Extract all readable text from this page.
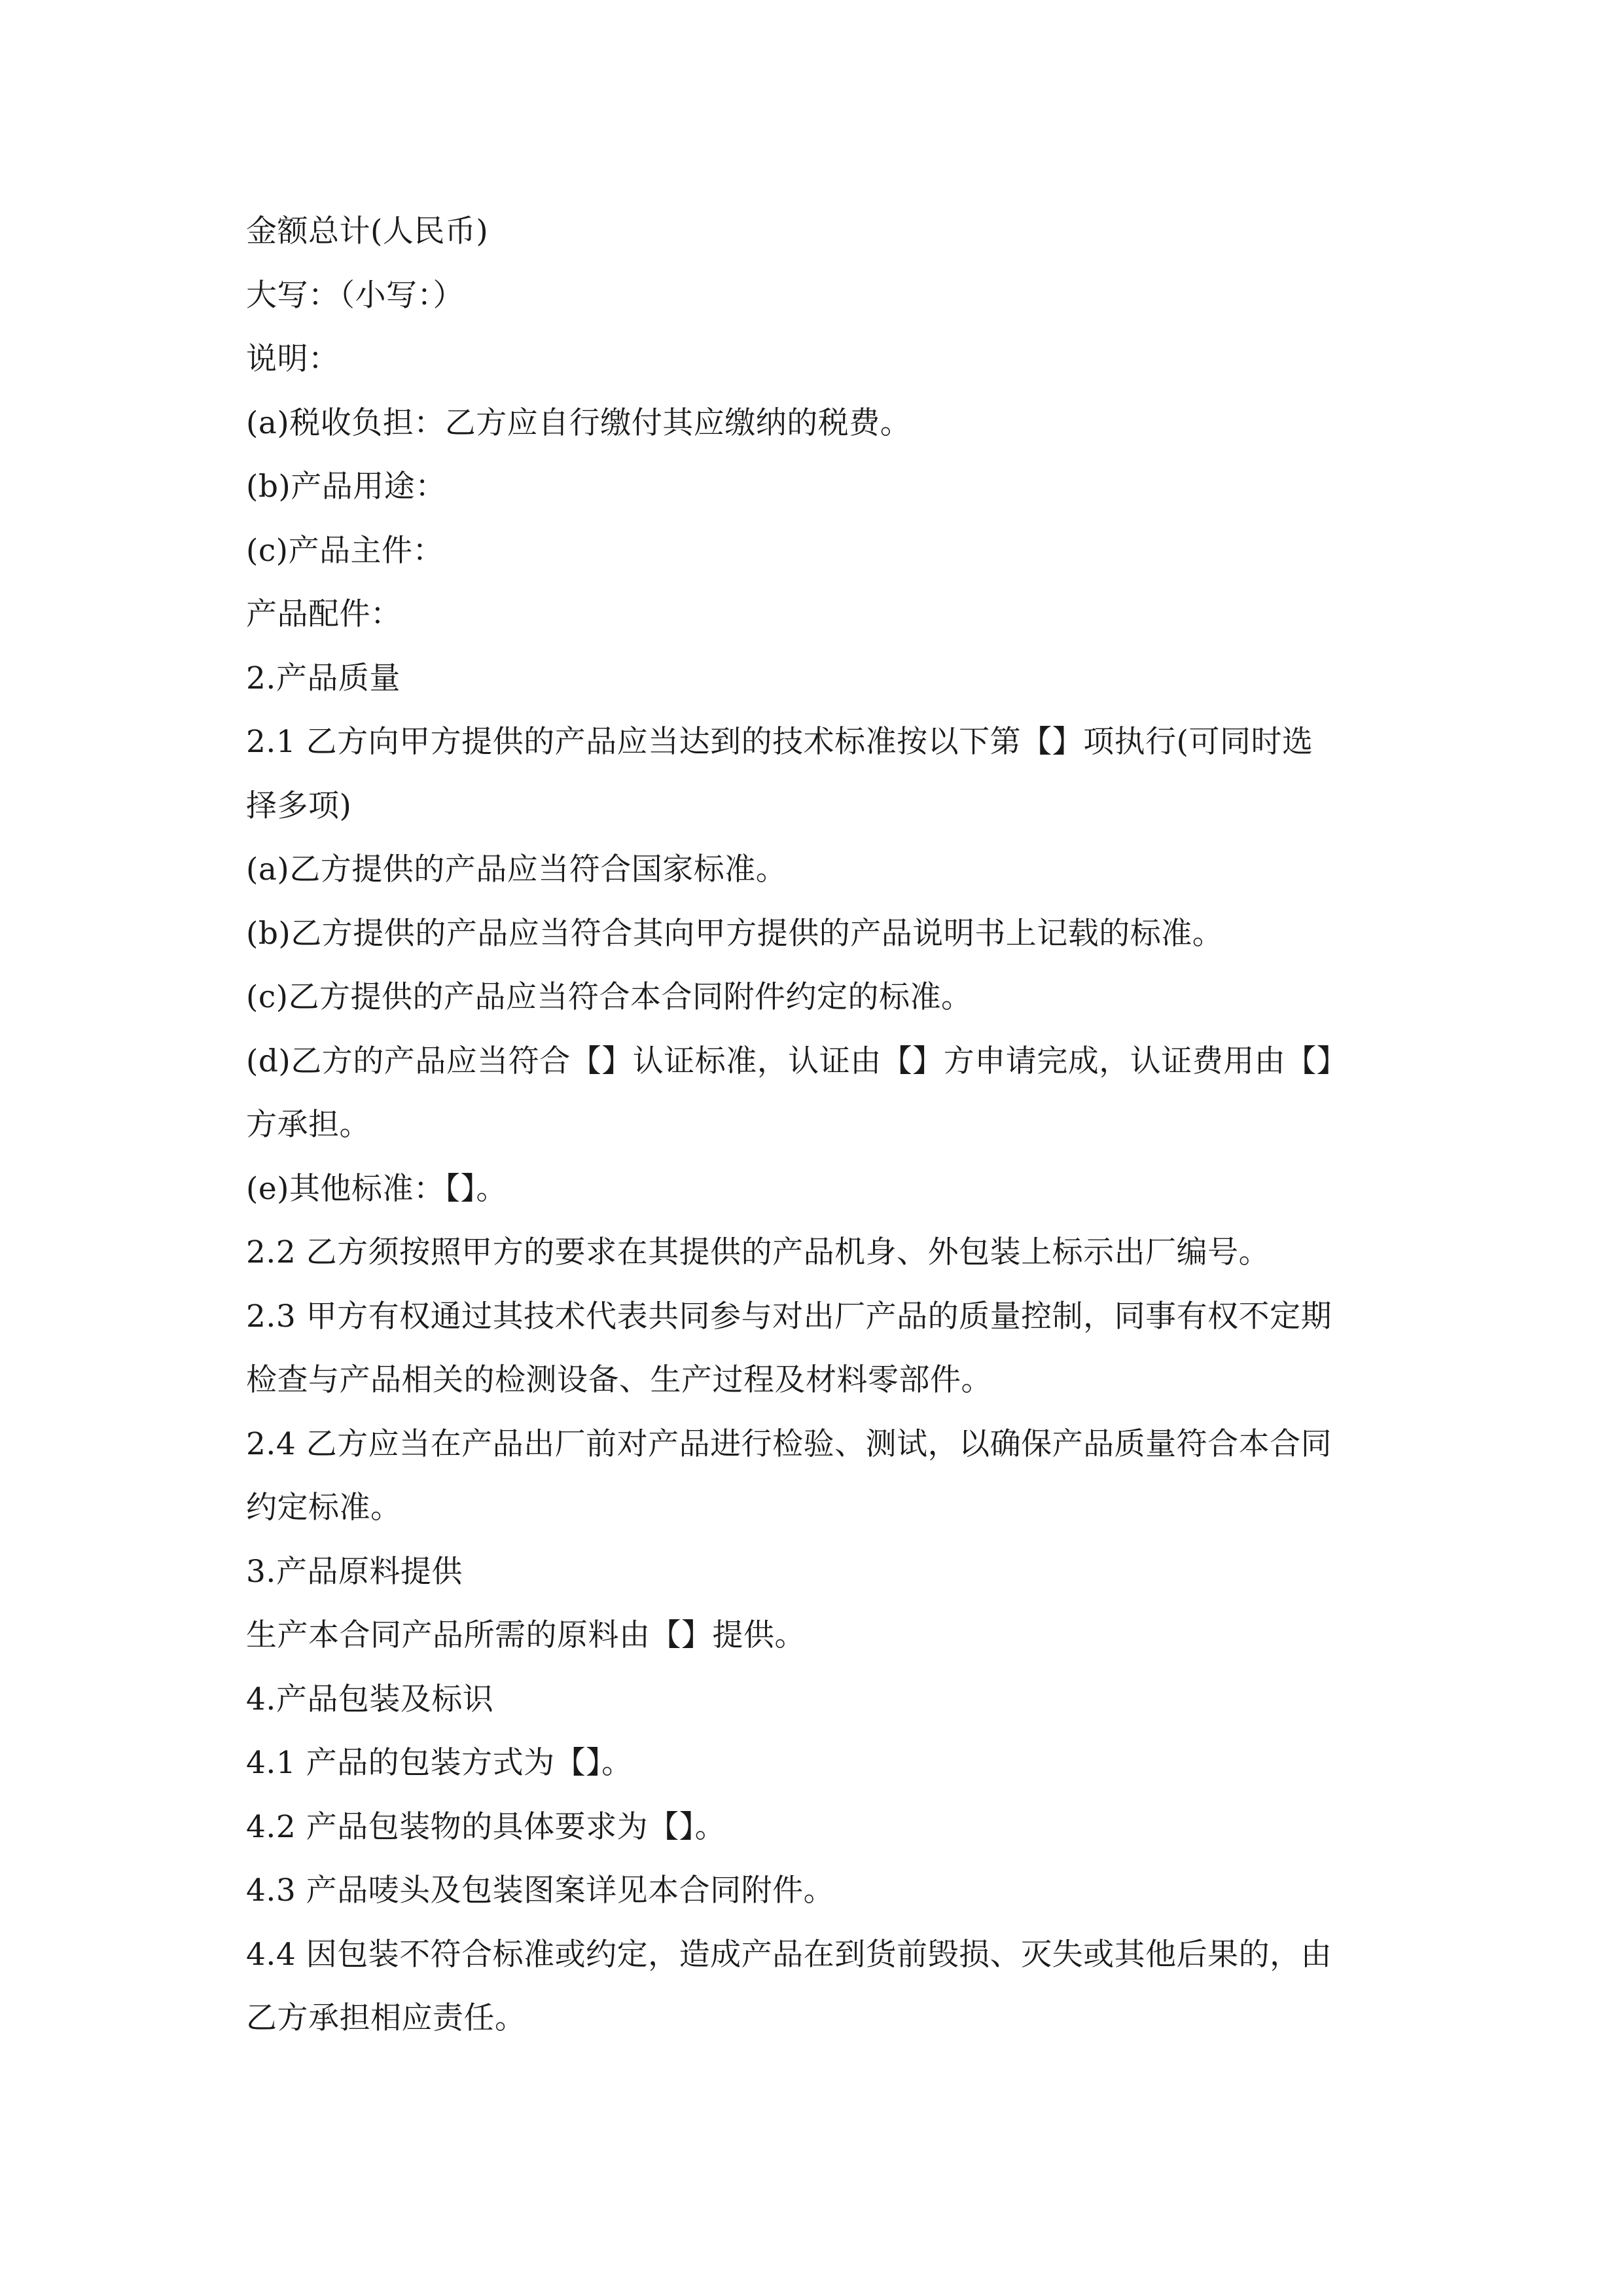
金额总计(人民币)
大写：（小写：）
说明：
(a)税收负担：乙方应自行缴付其应缴纳的税费。
(b)产品用途：
(c)产品主件：
产品配件：
2.产品质量
2.1 乙方向甲方提供的产品应当达到的技术标准按以下第【】项执行(可同时选
择多项)
(a)乙方提供的产品应当符合国家标准。
(b)乙方提供的产品应当符合其向甲方提供的产品说明书上记载的标准。
(c)乙方提供的产品应当符合本合同附件约定的标准。
(d)乙方的产品应当符合【】认证标准，认证由【】方申请完成，认证费用由【】
方承担。
(e)其他标准：【】。
2.2 乙方须按照甲方的要求在其提供的产品机身、外包装上标示出厂编号。
2.3 甲方有权通过其技术代表共同参与对出厂产品的质量控制，同事有权不定期
检查与产品相关的检测设备、生产过程及材料零部件。
2.4 乙方应当在产品出厂前对产品进行检验、测试，以确保产品质量符合本合同
约定标准。
3.产品原料提供
生产本合同产品所需的原料由【】提供。
4.产品包装及标识
4.1 产品的包装方式为【】。
4.2 产品包装物的具体要求为【】。
4.3 产品唛头及包装图案详见本合同附件。
4.4 因包装不符合标准或约定，造成产品在到货前毁损、灭失或其他后果的，由
乙方承担相应责任。
